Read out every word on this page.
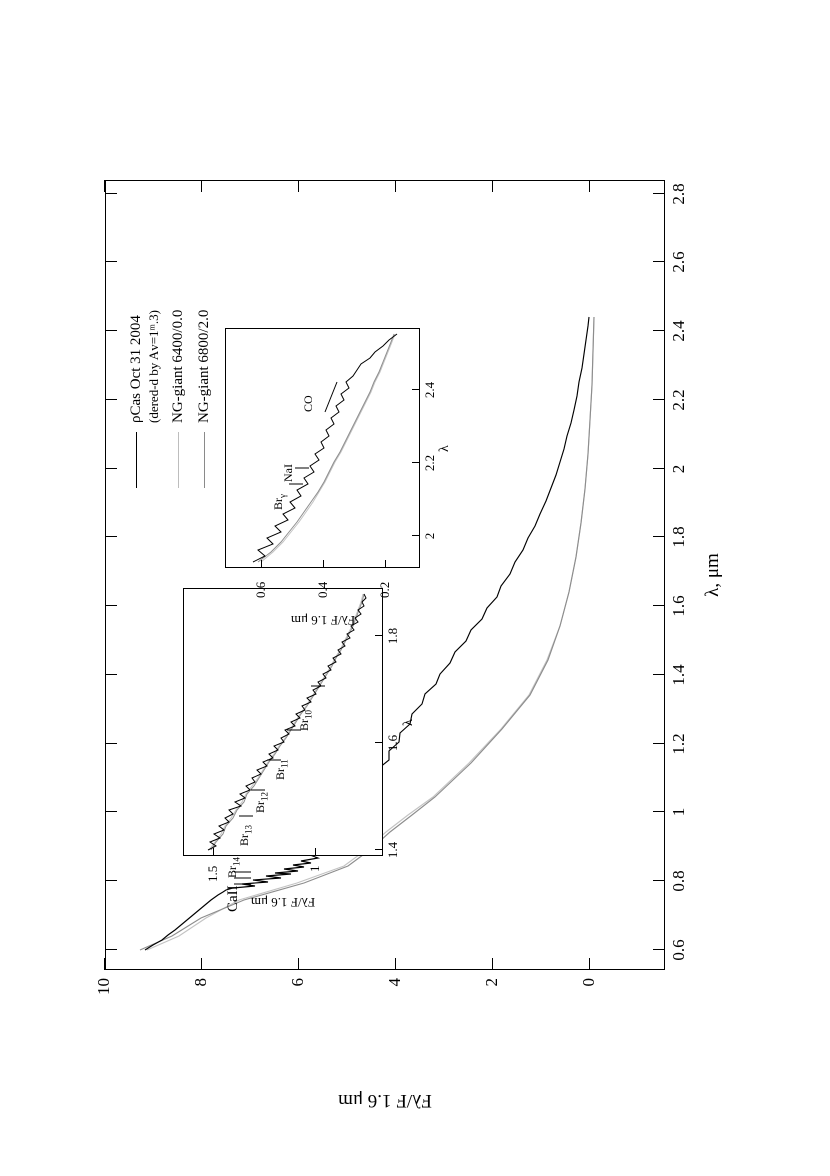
CaII
0.6
0.8
1
1.2
1.4
1.6
1.8
2
2.2
2.4
2.6
2.8
0
2
4
6
8
10
λ, μm
Fλ/F 1.6 μm
ρCas Oct 31 2004 (dered-d by Aᴠ=1ᵐ.3) NG-giant 6400/0.0 NG-giant 6800/2.0
$Br_{14}$
$Br_{13}$
$Br_{12}$
$Br_{11}$
$Br_{10}$
1.4
1.6
1.8
1
1.5
λ
Fλ/F 1.6 μm
$Br_\gamma$
NaI
CO
2
2.2
2.4
0.2
0.4
0.6
λ
Fλ/F 1.6 μm
